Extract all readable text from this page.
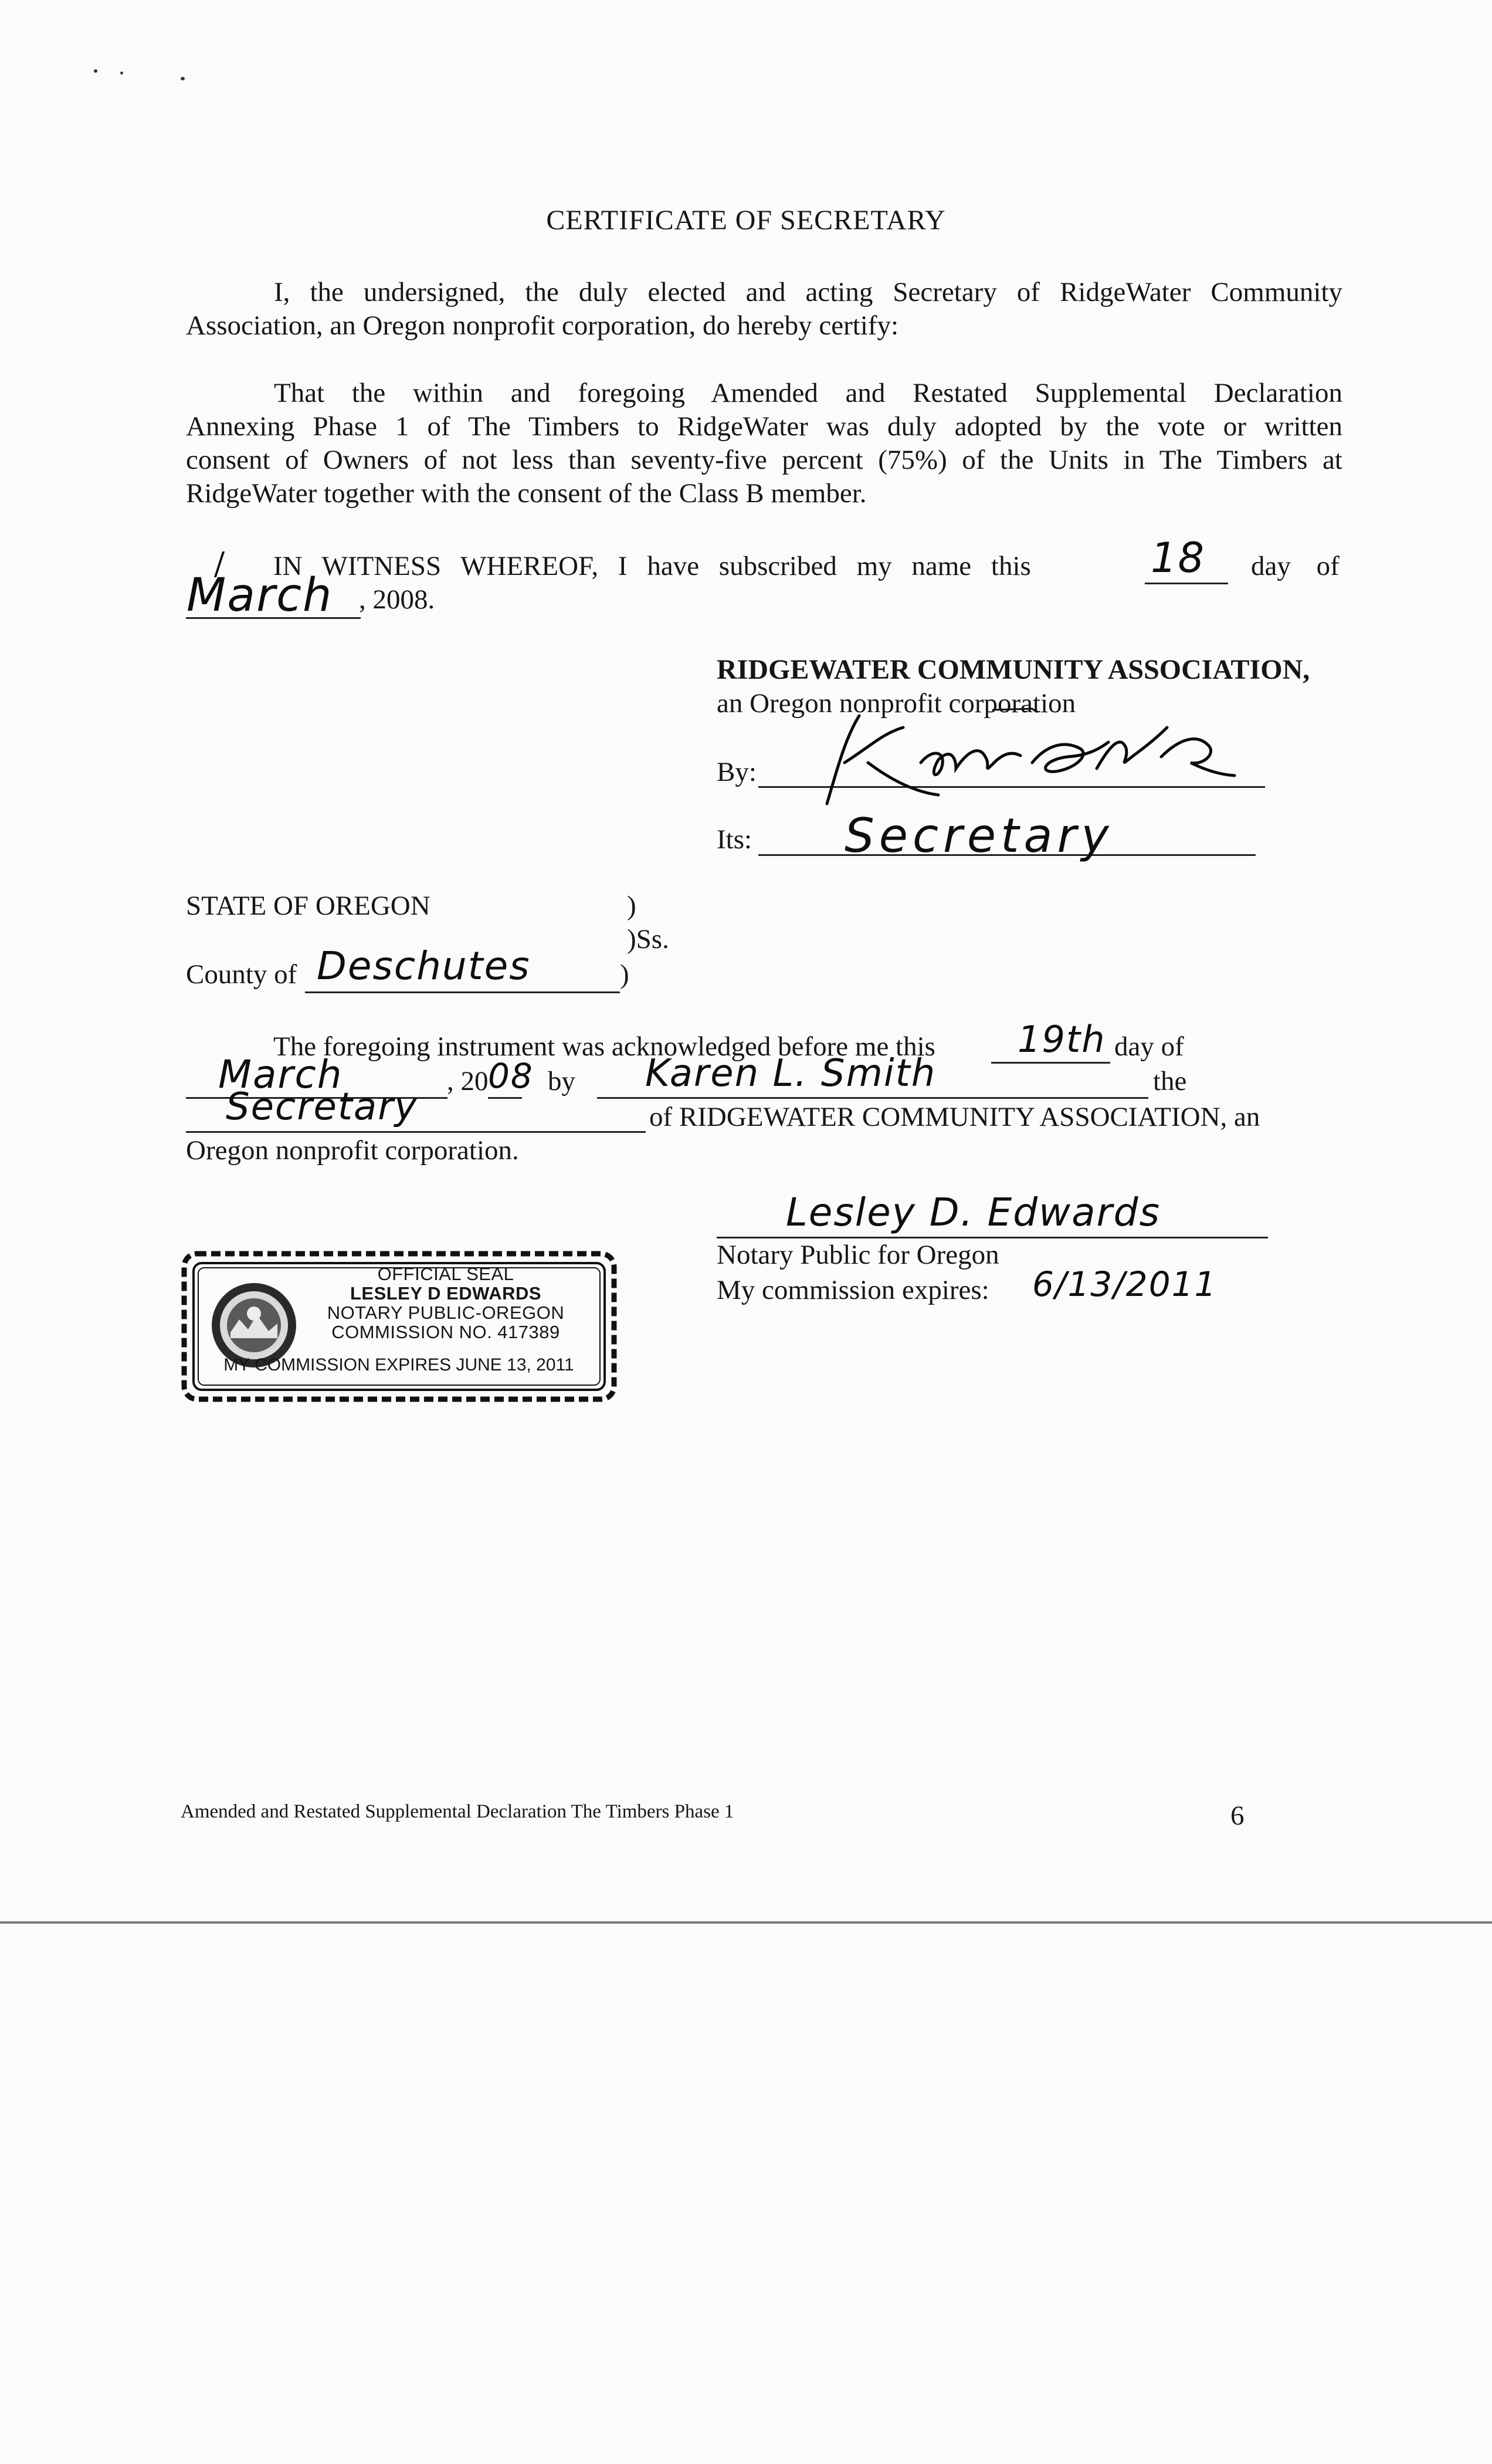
CERTIFICATE OF SECRETARY
I, the undersigned, the duly elected and acting Secretary of RidgeWater Community
Association, an Oregon nonprofit corporation, do hereby certify:
That the within and foregoing Amended and Restated Supplemental Declaration
Annexing Phase 1 of The Timbers to RidgeWater was duly adopted by the vote or written
consent of Owners of not less than seventy-five percent (75%) of the Units in The Timbers at
RidgeWater together with the consent of the Class B member.
IN WITNESS WHEREOF, I have subscribed my name this	18 day of
March , 2008.
RIDGEWATER COMMUNITY ASSOCIATION,
an Oregon nonprofit corporation
By:
Its: Secretary
STATE OF OREGON	)
)Ss.
County of Deschutes	)
The foregoing instrument was acknowledged before me this 19th day of
March	, 20 08 by Karen L. Smith	the
Secretary	of RIDGEWATER COMMUNITY ASSOCIATION, an
Oregon nonprofit corporation.
Lesley D. Edwards
Notary Public for Oregon
My commission expires: 6/13/2011
OFFICIAL SEAL
LESLEY D EDWARDS
NOTARY PUBLIC-OREGON
COMMISSION NO. 417389
MY COMMISSION EXPIRES JUNE 13, 2011
Amended and Restated Supplemental Declaration The Timbers Phase 1	6
